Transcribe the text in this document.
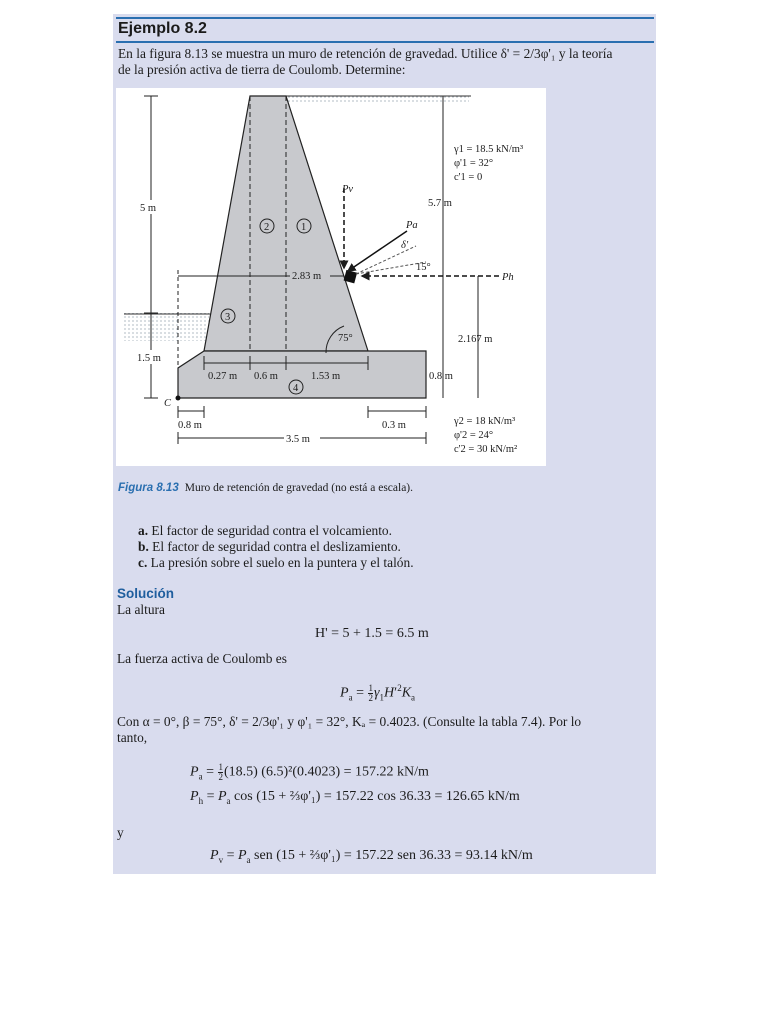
Ejemplo 8.2
En la figura 8.13 se muestra un muro de retención de gravedad. Utilice δ' = 2/3φ'₁ y la teoría
de la presión activa de tierra de Coulomb. Determine:
2	1
3
4
5 m
1.5 m
5.7 m
2.83 m
Pv
Pa
δ'
15°
Ph
2.167 m
0.8 m
75°
0.27 m 0.6 m	1.53 m
C
0.8 m	0.3 m
3.5 m
γ1 = 18.5 kN/m³
φ'1 = 32°
c'1 = 0
γ2 = 18 kN/m³
φ'2 = 24°
c'2 = 30 kN/m²
Figura 8.13 Muro de retención de gravedad (no está a escala).
a. El factor de seguridad contra el volcamiento.
b. El factor de seguridad contra el deslizamiento.
c. La presión sobre el suelo en la puntera y el talón.
Solución
La altura
H' = 5 + 1.5 = 6.5 m
La fuerza activa de Coulomb es
$P_a = \frac{1}{2} \gamma_1H'^2K_a$
Con α = 0°, β = 75°, δ' = 2/3φ'₁ y φ'₁ = 32°, Kₐ = 0.4023. (Consulte la tabla 7.4). Por lo
tanto,
$P_a = \frac{1}{2} (18.5) (6.5)^2(0.4023) = 157.22$ kN/m
$P_h = P_a$ cos (15 + ⅔φ'₁) = 157.22 cos 36.33 = 126.65 kN/m
y
$P_v = P_a$ sen (15 + ⅔φ'₁) = 157.22 sen 36.33 = 93.14 kN/m
